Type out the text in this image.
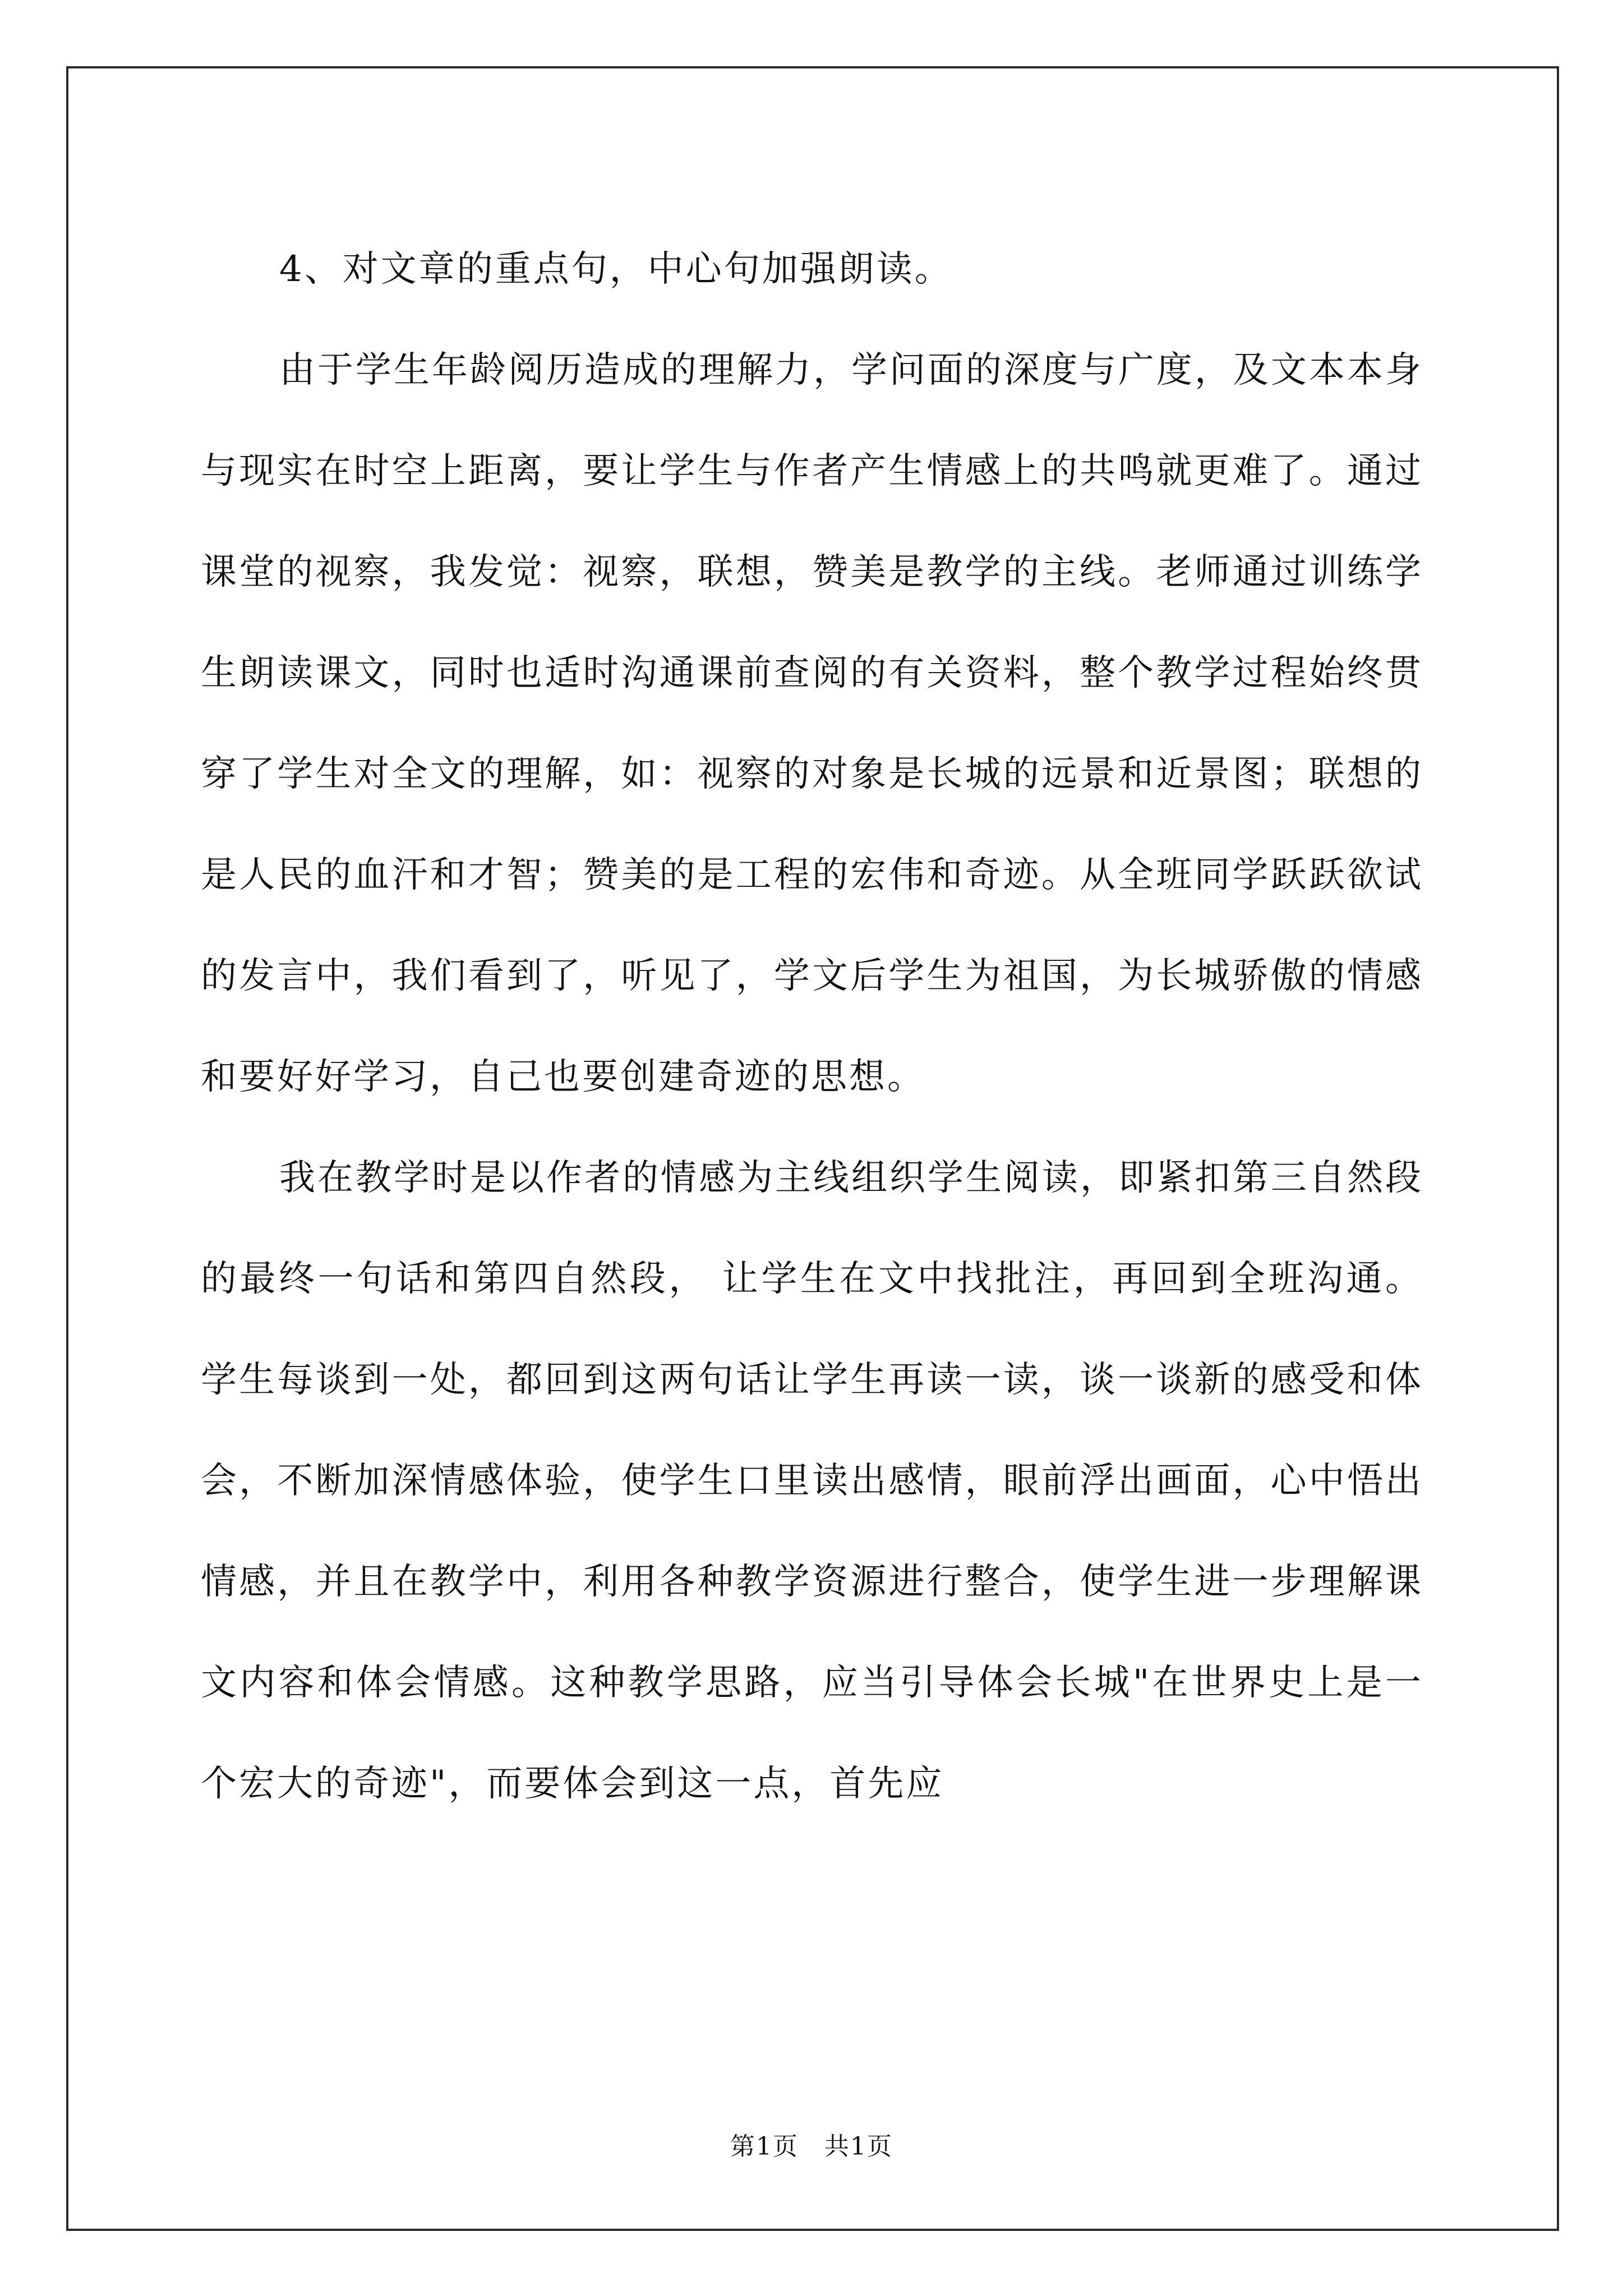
4、对文章的重点句，中心句加强朗读。

由于学生年龄阅历造成的理解力，学问面的深度与广度，及文本本身与现实在时空上距离，要让学生与作者产生情感上的共鸣就更难了。通过课堂的视察，我发觉：视察，联想，赞美是教学的主线。老师通过训练学生朗读课文，同时也适时沟通课前查阅的有关资料，整个教学过程始终贯穿了学生对全文的理解，如：视察的对象是长城的远景和近景图；联想的是人民的血汗和才智；赞美的是工程的宏伟和奇迹。从全班同学跃跃欲试的发言中，我们看到了，听见了，学文后学生为祖国，为长城骄傲的情感和要好好学习，自己也要创建奇迹的思想。

我在教学时是以作者的情感为主线组织学生阅读，即紧扣第三自然段的最终一句话和第四自然段， 让学生在文中找批注，再回到全班沟通。学生每谈到一处，都回到这两句话让学生再读一读，谈一谈新的感受和体会，不断加深情感体验，使学生口里读出感情，眼前浮出画面，心中悟出情感，并且在教学中，利用各种教学资源进行整合，使学生进一步理解课文内容和体会情感。这种教学思路，应当引导体会长城"在世界史上是一个宏大的奇迹"，而要体会到这一点，首先应

第1页　共1页
